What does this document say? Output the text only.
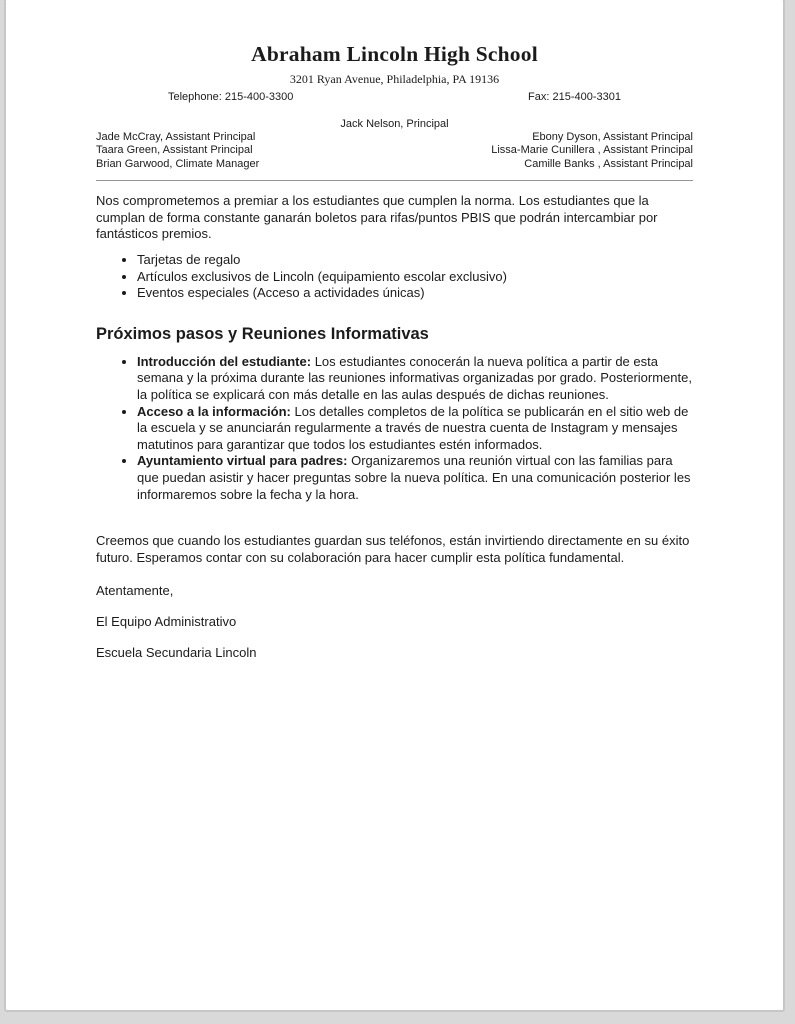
Abraham Lincoln High School
3201 Ryan Avenue, Philadelphia, PA 19136
Telephone: 215-400-3300	Fax: 215-400-3301
Jack Nelson, Principal
Jade McCray, Assistant Principal
Taara Green, Assistant Principal
Brian Garwood, Climate Manager
Ebony Dyson, Assistant Principal
Lissa-Marie Cunillera , Assistant Principal
Camille Banks , Assistant Principal

Nos comprometemos a premiar a los estudiantes que cumplen la norma. Los estudiantes que la cumplan de forma constante ganarán boletos para rifas/puntos PBIS que podrán intercambiar por fantásticos premios.

• Tarjetas de regalo
• Artículos exclusivos de Lincoln (equipamiento escolar exclusivo)
• Eventos especiales (Acceso a actividades únicas)
Próximos pasos y Reuniones Informativas
• Introducción del estudiante: Los estudiantes conocerán la nueva política a partir de esta semana y la próxima durante las reuniones informativas organizadas por grado. Posteriormente, la política se explicará con más detalle en las aulas después de dichas reuniones.
• Acceso a la información: Los detalles completos de la política se publicarán en el sitio web de la escuela y se anunciarán regularmente a través de nuestra cuenta de Instagram y mensajes matutinos para garantizar que todos los estudiantes estén informados.
• Ayuntamiento virtual para padres: Organizaremos una reunión virtual con las familias para que puedan asistir y hacer preguntas sobre la nueva política. En una comunicación posterior les informaremos sobre la fecha y la hora.

Creemos que cuando los estudiantes guardan sus teléfonos, están invirtiendo directamente en su éxito futuro. Esperamos contar con su colaboración para hacer cumplir esta política fundamental.

Atentamente,

El Equipo Administrativo

Escuela Secundaria Lincoln
